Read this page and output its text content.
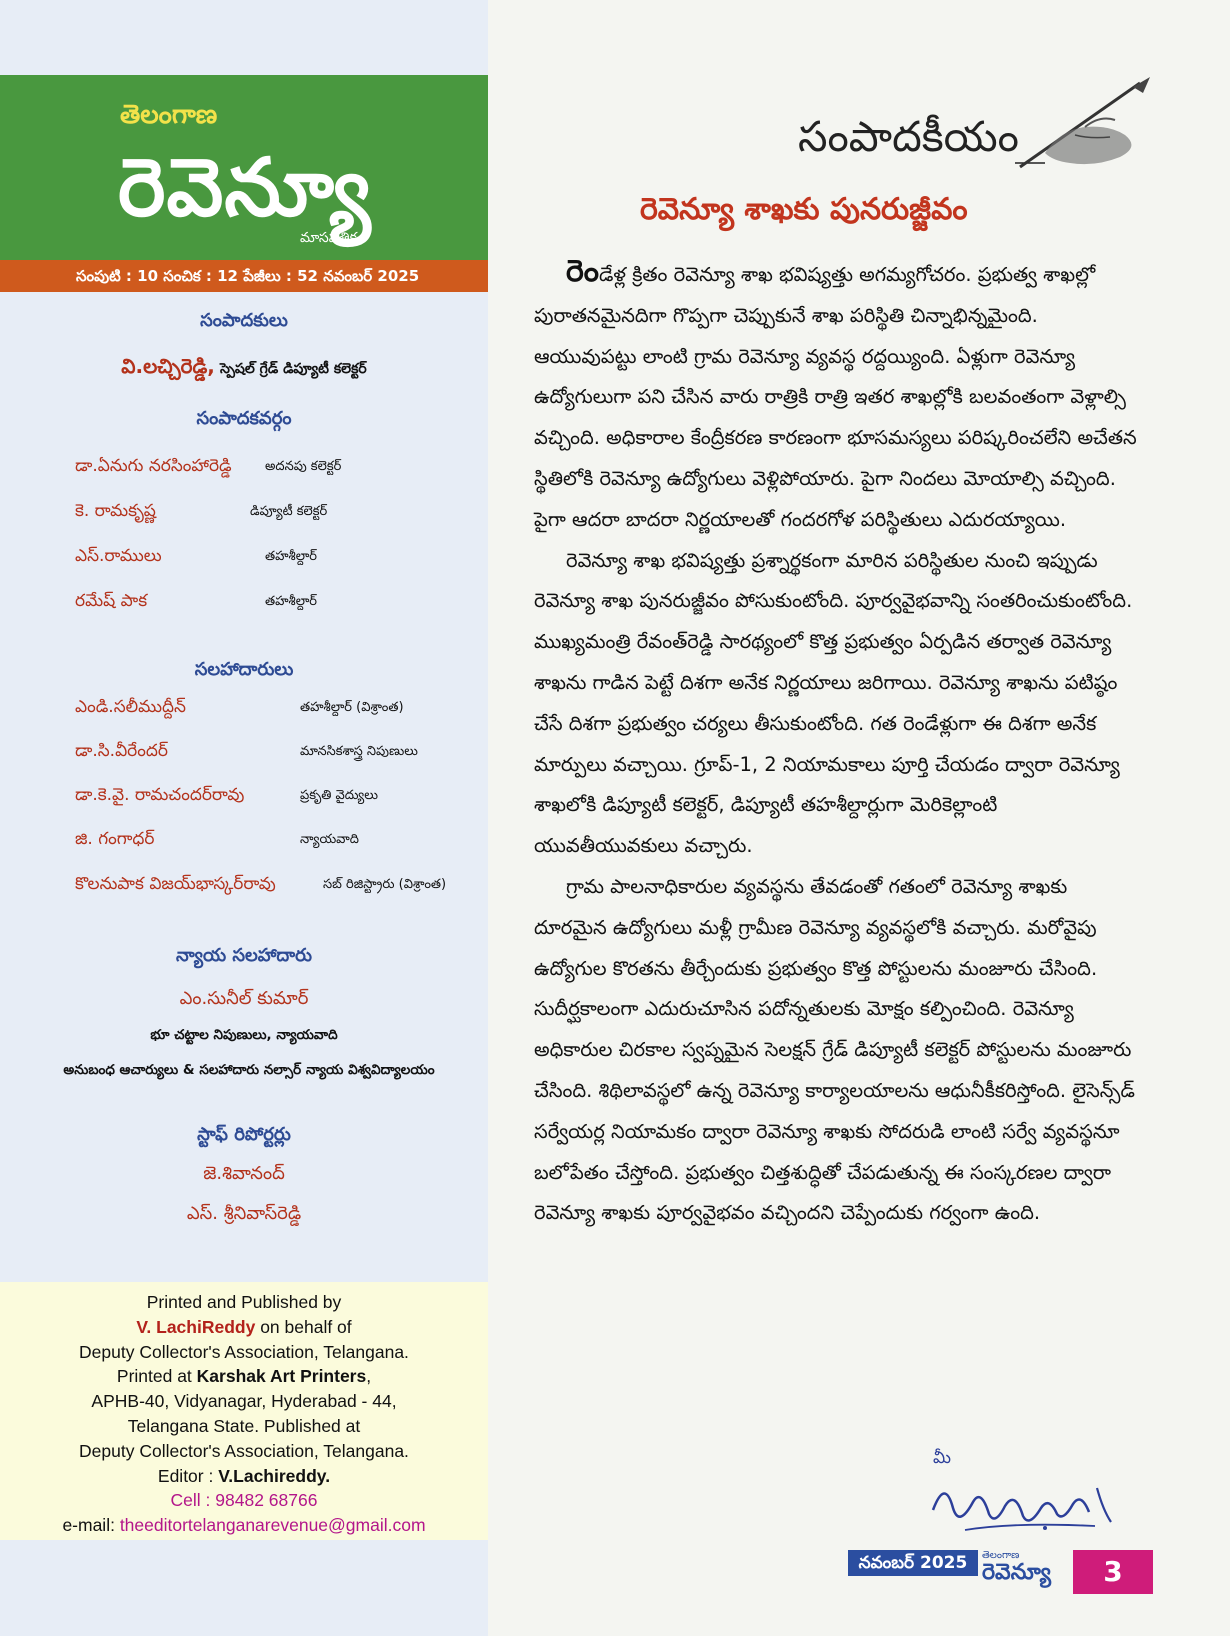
తెలంగాణ
రెవెన్యూ
మాసపత్రిక
సంపుటి : 10 సంచిక : 12 పేజీలు : 52 నవంబర్ 2025
సంపాదకులు
వి.లచ్చిరెడ్డి, స్పెషల్ గ్రేడ్ డిప్యూటీ కలెక్టర్
సంపాదకవర్గం
డా.ఏనుగు నరసింహారెడ్డి	అదనపు కలెక్టర్
కె. రామకృష్ణ	డిప్యూటీ కలెక్టర్
ఎస్.రాములు	తహశీల్దార్
రమేష్ పాక	తహశీల్దార్
సలహాదారులు
ఎండి.సలీముద్దీన్	తహశీల్దార్ (విశ్రాంత)
డా.సి.వీరేందర్	మానసికశాస్త్ర నిపుణులు
డా.కె.వై. రామచందర్‌రావు	ప్రకృతి వైద్యులు
జి. గంగాధర్	న్యాయవాది
కొలనుపాక విజయ్‌భాస్కర్‌రావు	సబ్ రిజిస్ట్రారు (విశ్రాంత)
న్యాయ సలహాదారు
ఎం.సునీల్ కుమార్
భూ చట్టాల నిపుణులు, న్యాయవాది
అనుబంధ ఆచార్యులు & సలహాదారు నల్సార్ న్యాయ విశ్వవిద్యాలయం
స్టాఫ్ రిపోర్టర్లు
జె.శివానంద్
ఎస్. శ్రీనివాస్‌రెడ్డి
Printed and Published by
V. LachiReddy on behalf of
Deputy Collector's Association, Telangana.
Printed at Karshak Art Printers,
APHB-40, Vidyanagar, Hyderabad - 44,
Telangana State. Published at
Deputy Collector's Association, Telangana.
Editor : V.Lachireddy.
Cell : 98482 68766
e-mail: theeditortelanganarevenue@gmail.com
సంపాదకీయం
రెవెన్యూ శాఖకు పునరుజ్జీవం

రెండేళ్ల క్రితం రెవెన్యూ శాఖ భవిష్యత్తు అగమ్యగోచరం. ప్రభుత్వ శాఖల్లో పురాతనమైనదిగా గొప్పగా చెప్పుకునే శాఖ పరిస్థితి చిన్నాభిన్నమైంది. ఆయువుపట్టు లాంటి గ్రామ రెవెన్యూ వ్యవస్థ రద్దయ్యింది. ఏళ్లుగా రెవెన్యూ ఉద్యోగులుగా పని చేసిన వారు రాత్రికి రాత్రి ఇతర శాఖల్లోకి బలవంతంగా వెళ్లాల్సి వచ్చింది. అధికారాల కేంద్రీకరణ కారణంగా భూసమస్యలు పరిష్కరించలేని అచేతన స్థితిలోకి రెవెన్యూ ఉద్యోగులు వెళ్లిపోయారు. పైగా నిందలు మోయాల్సి వచ్చింది. పైగా ఆదరా బాదరా నిర్ణయాలతో గందరగోళ పరిస్థితులు ఎదురయ్యాయి.

రెవెన్యూ శాఖ భవిష్యత్తు ప్రశ్నార్థకంగా మారిన పరిస్థితుల నుంచి ఇప్పుడు రెవెన్యూ శాఖ పునరుజ్జీవం పోసుకుంటోంది. పూర్వవైభవాన్ని సంతరించుకుంటోంది. ముఖ్యమంత్రి రేవంత్‌రెడ్డి సారథ్యంలో కొత్త ప్రభుత్వం ఏర్పడిన తర్వాత రెవెన్యూ శాఖను గాడిన పెట్టే దిశగా అనేక నిర్ణయాలు జరిగాయి. రెవెన్యూ శాఖను పటిష్ఠం చేసే దిశగా ప్రభుత్వం చర్యలు తీసుకుంటోంది. గత రెండేళ్లుగా ఈ దిశగా అనేక మార్పులు వచ్చాయి. గ్రూప్-1, 2 నియామకాలు పూర్తి చేయడం ద్వారా రెవెన్యూ శాఖలోకి డిప్యూటీ కలెక్టర్, డిప్యూటీ తహశీల్దార్లుగా మెరికెల్లాంటి యువతీయువకులు వచ్చారు.

గ్రామ పాలనాధికారుల వ్యవస్థను తేవడంతో గతంలో రెవెన్యూ శాఖకు దూరమైన ఉద్యోగులు మళ్లీ గ్రామీణ రెవెన్యూ వ్యవస్థలోకి వచ్చారు. మరోవైపు ఉద్యోగుల కొరతను తీర్చేందుకు ప్రభుత్వం కొత్త పోస్టులను మంజూరు చేసింది. సుదీర్ఘకాలంగా ఎదురుచూసిన పదోన్నతులకు మోక్షం కల్పించింది. రెవెన్యూ అధికారుల చిరకాల స్వప్నమైన సెలక్షన్ గ్రేడ్ డిప్యూటీ కలెక్టర్ పోస్టులను మంజూరు చేసింది. శిథిలావస్థలో ఉన్న రెవెన్యూ కార్యాలయాలను ఆధునీకీకరిస్తోంది. లైసెన్స్‌డ్ సర్వేయర్ల నియామకం ద్వారా రెవెన్యూ శాఖకు సోదరుడి లాంటి సర్వే వ్యవస్థనూ బలోపేతం చేస్తోంది. ప్రభుత్వం చిత్తశుద్ధితో చేపడుతున్న ఈ సంస్కరణల ద్వారా రెవెన్యూ శాఖకు పూర్వవైభవం వచ్చిందని చెప్పేందుకు గర్వంగా ఉంది.

మీ
నవంబర్ 2025	తెలంగాణ
రెవెన్యూ	3
